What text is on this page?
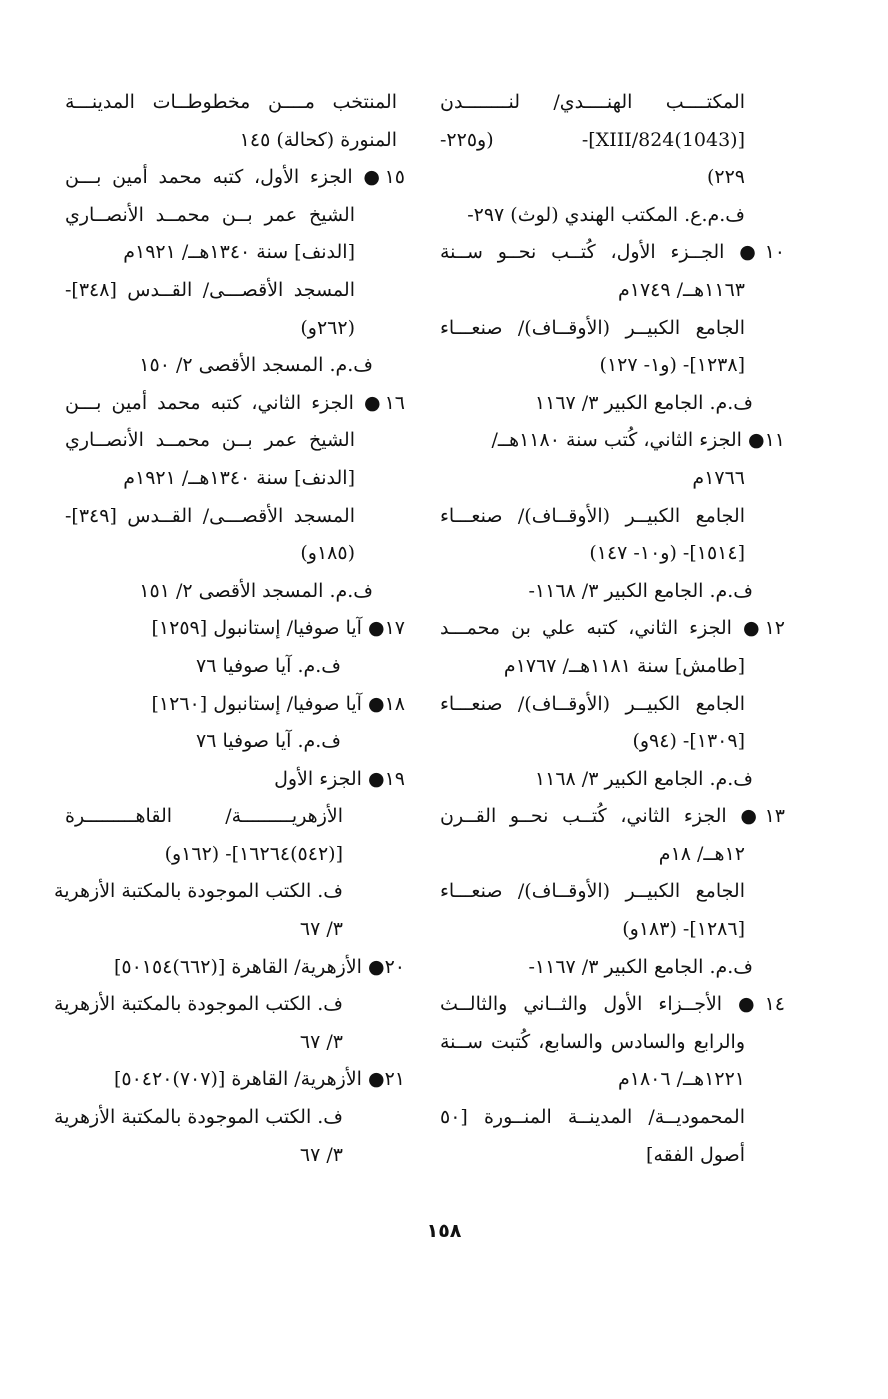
المكتــــب الهنــــدي/ لنــــــــدن
[(1043)824/XIII]- (و٢٢٥-
٢٢٩)
ف.م.ع. المكتب الهندي (لوث) ٢٩٧-
١٠● الجــزء الأول، كُتــب نحــو ســنة
١١٦٣هــ/ ١٧٤٩م
الجامع الكبيــر (الأوقــاف)/ صنعـــاء
[١٢٣٨]- (و١- ١٢٧)
ف.م. الجامع الكبير ٣/ ١١٦٧
١١● الجزء الثاني، كُتب سنة ١١٨٠هــ/
١٧٦٦م
الجامع الكبيــر (الأوقــاف)/ صنعـــاء
[١٥١٤]- (و١٠- ١٤٧)
ف.م. الجامع الكبير ٣/ ١١٦٨-
١٢● الجزء الثاني، كتبه علي بن محمـــد
[طامش] سنة ١١٨١هــ/ ١٧٦٧م
الجامع الكبيــر (الأوقــاف)/ صنعـــاء
[١٣٠٩]- (٩٤و)
ف.م. الجامع الكبير ٣/ ١١٦٨
١٣● الجزء الثاني، كُتــب نحــو القــرن
١٢هــ/ ١٨م
الجامع الكبيــر (الأوقــاف)/ صنعـــاء
[١٢٨٦]- (١٨٣و)
ف.م. الجامع الكبير ٣/ ١١٦٧-
١٤● الأجــزاء الأول والثــاني والثالــث
والرابع والسادس والسابع، كُتبت ســنة
١٢٢١هــ/ ١٨٠٦م
المحموديــة/ المدينــة المنــورة [٥٠
أصول الفقه]
المنتخب مــــن مخطوطــات المدينـــة
المنورة (كحالة) ١٤٥
١٥● الجزء الأول، كتبه محمد أمين بـــن
الشيخ عمر بــن محمــد الأنصــاري
[الدنف] سنة ١٣٤٠هــ/ ١٩٢١م
المسجد الأقصـــى/ القــدس [٣٤٨]-
(٢٦٢و)
ف.م. المسجد الأقصى ٢/ ١٥٠
١٦● الجزء الثاني، كتبه محمد أمين بـــن
الشيخ عمر بــن محمــد الأنصــاري
[الدنف] سنة ١٣٤٠هــ/ ١٩٢١م
المسجد الأقصـــى/ القــدس [٣٤٩]-
(١٨٥و)
ف.م. المسجد الأقصى ٢/ ١٥١
١٧● آيا صوفيا/ إستانبول [١٢٥٩]
ف.م. آيا صوفيا ٧٦
١٨● آيا صوفيا/ إستانبول [١٢٦٠]
ف.م. آيا صوفيا ٧٦
١٩● الجزء الأول
الأزهريـــــــــة/ القاهـــــــــرة
[(٥٤٢)١٦٢٦٤]- (١٦٢و)
ف. الكتب الموجودة بالمكتبة الأزهرية
٣/ ٦٧
٢٠● الأزهرية/ القاهرة [(٦٦٢)٥٠١٥٤]
ف. الكتب الموجودة بالمكتبة الأزهرية
٣/ ٦٧
٢١● الأزهرية/ القاهرة [(٧٠٧)٥٠٤٢٠]
ف. الكتب الموجودة بالمكتبة الأزهرية
٣/ ٦٧
١٥٨
